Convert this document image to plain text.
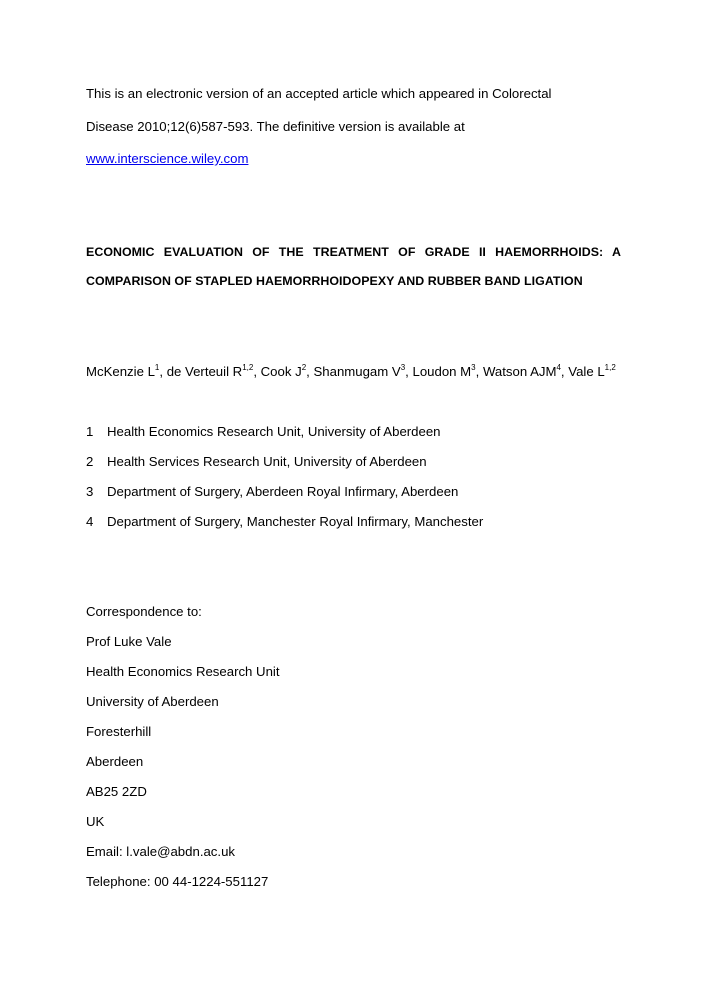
This is an electronic version of an accepted article which appeared in Colorectal
Disease 2010;12(6)587-593. The definitive version is available at
www.interscience.wiley.com
ECONOMIC EVALUATION OF THE TREATMENT OF GRADE II HAEMORRHOIDS: A
COMPARISON OF STAPLED HAEMORRHOIDOPEXY AND RUBBER BAND LIGATION
McKenzie $L^1$, de Verteuil R$^{1,2}$, Cook $J^2$, Shanmugam $V^3$, Loudon $M^3$, Watson AJM$^4$, Vale L$^{1,2}$
1	Health Economics Research Unit, University of Aberdeen
2	Health Services Research Unit, University of Aberdeen
3	Department of Surgery, Aberdeen Royal Infirmary, Aberdeen
4	Department of Surgery, Manchester Royal Infirmary, Manchester
Correspondence to:
Prof Luke Vale
Health Economics Research Unit
University of Aberdeen
Foresterhill
Aberdeen
AB25 2ZD
UK
Email: l.vale@abdn.ac.uk
Telephone: 00 44-1224-551127
